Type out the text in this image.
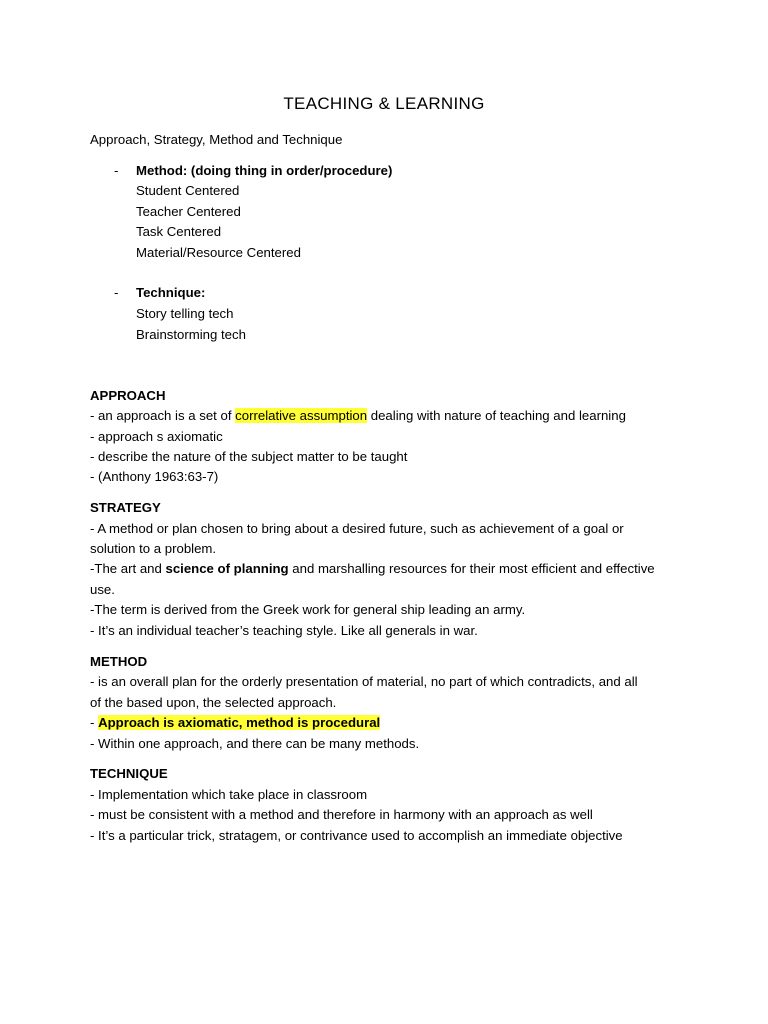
TEACHING & LEARNING
Approach, Strategy, Method and Technique
- Method: (doing thing in order/procedure)
Student Centered
Teacher Centered
Task Centered
Material/Resource Centered
- Technique:
Story telling tech
Brainstorming tech
APPROACH
- an approach is a set of correlative assumption dealing with nature of teaching and learning
- approach s axiomatic
- describe the nature of the subject matter to be taught
- (Anthony 1963:63-7)
STRATEGY
- A method or plan chosen to bring about a desired future, such as achievement of a goal or
solution to a problem.
-The art and science of planning and marshalling resources for their most efficient and effective
use.
-The term is derived from the Greek work for general ship leading an army.
- It’s an individual teacher’s teaching style. Like all generals in war.
METHOD
- is an overall plan for the orderly presentation of material, no part of which contradicts, and all
of the based upon, the selected approach.
- Approach is axiomatic, method is procedural
- Within one approach, and there can be many methods.
TECHNIQUE
- Implementation which take place in classroom
- must be consistent with a method and therefore in harmony with an approach as well
- It’s a particular trick, stratagem, or contrivance used to accomplish an immediate objective
